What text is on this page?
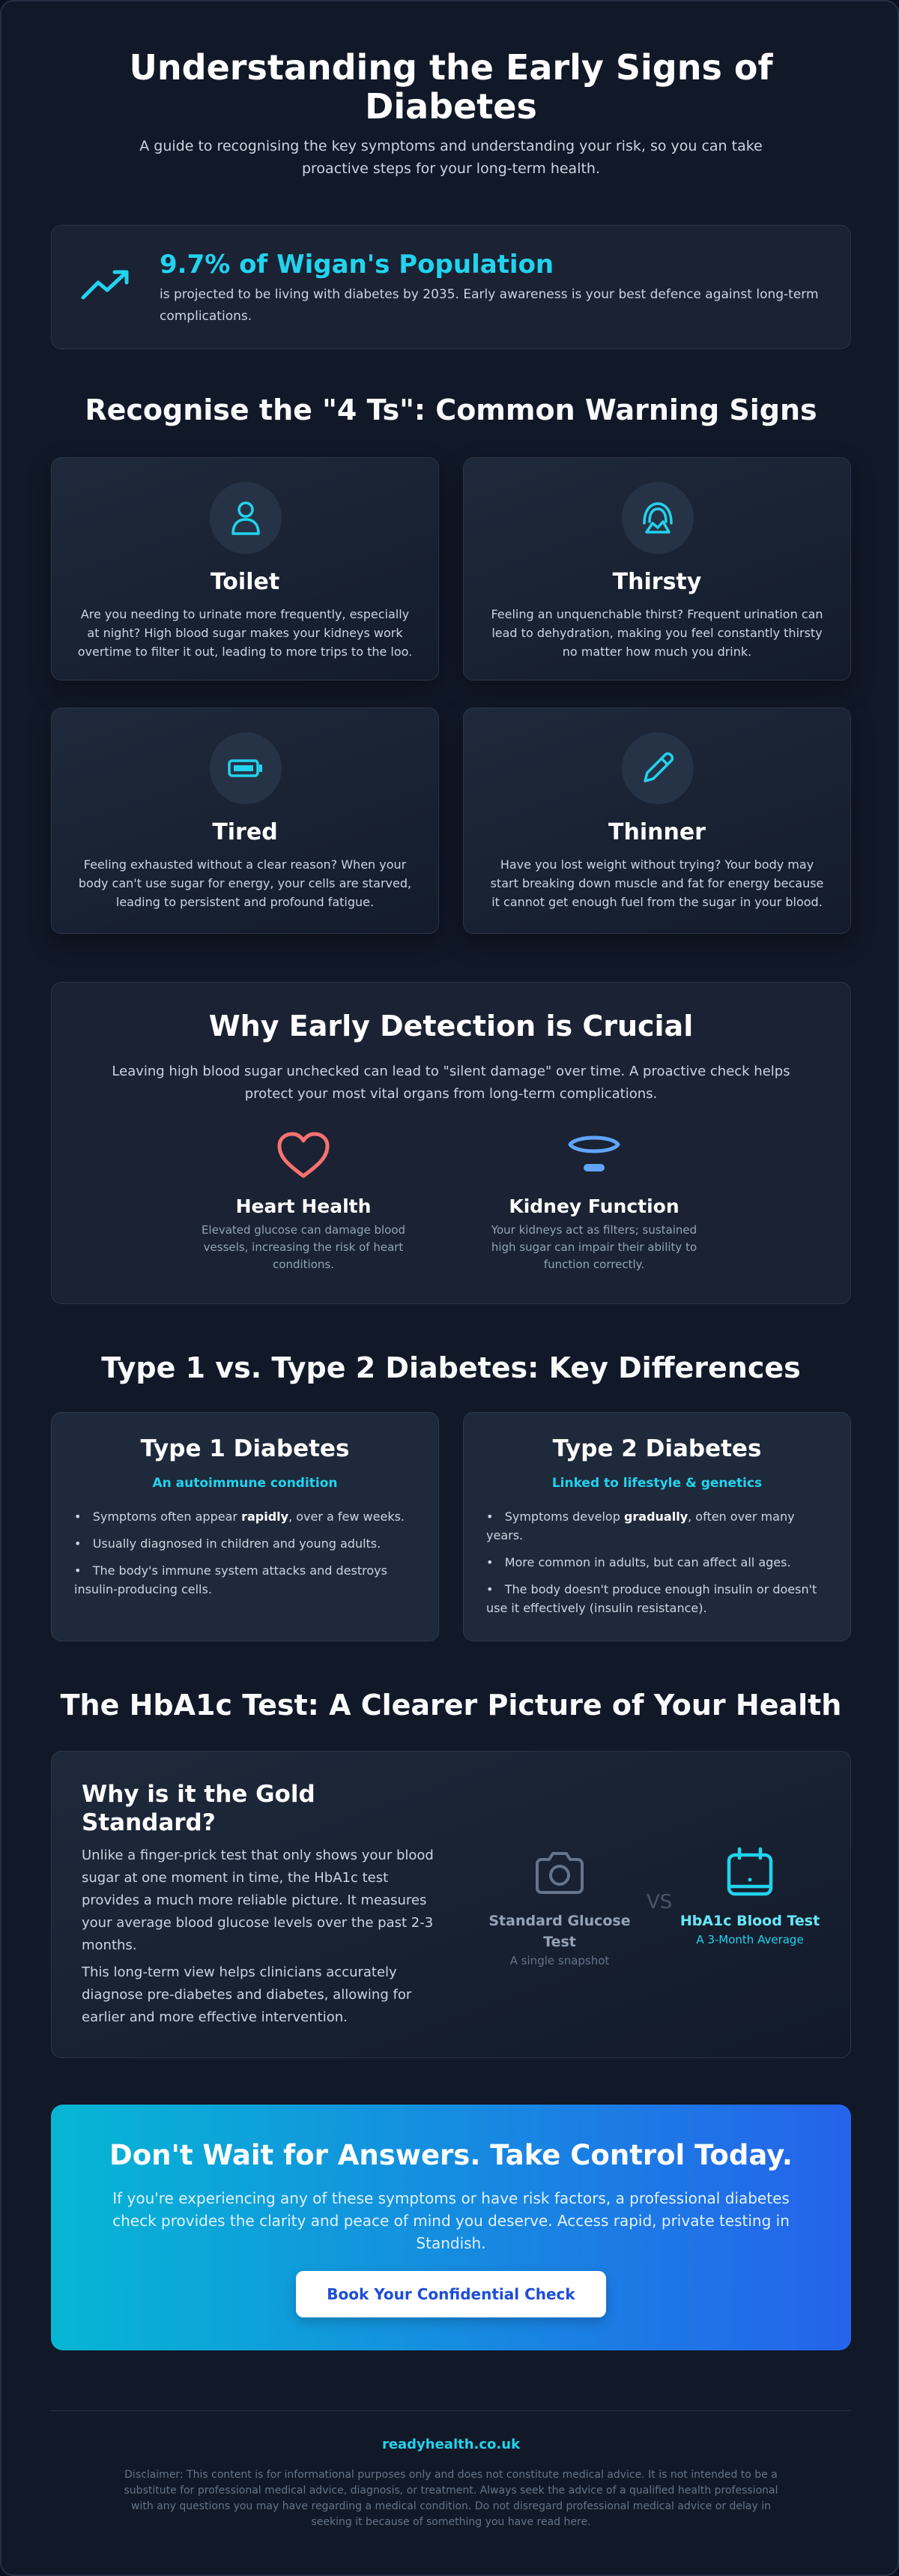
Understanding the Early Signs of Diabetes
A guide to recognising the key symptoms and understanding your risk, so you can take proactive steps for your long-term health.
9.7% of Wigan's Population
is projected to be living with diabetes by 2035. Early awareness is your best defence against long-term complications.
Recognise the "4 Ts": Common Warning Signs
Toilet
Are you needing to urinate more frequently, especially at night? High blood sugar makes your kidneys work overtime to filter it out, leading to more trips to the loo.
Thirsty
Feeling an unquenchable thirst? Frequent urination can lead to dehydration, making you feel constantly thirsty no matter how much you drink.
Tired
Feeling exhausted without a clear reason? When your body can't use sugar for energy, your cells are starved, leading to persistent and profound fatigue.
Thinner
Have you lost weight without trying? Your body may start breaking down muscle and fat for energy because it cannot get enough fuel from the sugar in your blood.
Why Early Detection is Crucial
Leaving high blood sugar unchecked can lead to "silent damage" over time. A proactive check helps protect your most vital organs from long-term complications.
Heart Health
Elevated glucose can damage blood vessels, increasing the risk of heart conditions.
Kidney Function
Your kidneys act as filters; sustained high sugar can impair their ability to function correctly.
Type 1 vs. Type 2 Diabetes: Key Differences
Type 1 Diabetes
An autoimmune condition
•   Symptoms often appear rapidly, over a few weeks.
•   Usually diagnosed in children and young adults.
•   The body's immune system attacks and destroys insulin-producing cells.
Type 2 Diabetes
Linked to lifestyle & genetics
•   Symptoms develop gradually, often over many years.
•   More common in adults, but can affect all ages.
•   The body doesn't produce enough insulin or doesn't use it effectively (insulin resistance).
The HbA1c Test: A Clearer Picture of Your Health
Why is it the Gold Standard?
Unlike a finger-prick test that only shows your blood sugar at one moment in time, the HbA1c test provides a much more reliable picture. It measures your average blood glucose levels over the past 2-3 months.
This long-term view helps clinicians accurately diagnose pre-diabetes and diabetes, allowing for earlier and more effective intervention.
Standard Glucose Test
A single snapshot
VS
HbA1c Blood Test
A 3-Month Average
Don't Wait for Answers. Take Control Today.
If you're experiencing any of these symptoms or have risk factors, a professional diabetes check provides the clarity and peace of mind you deserve. Access rapid, private testing in Standish.
Book Your Confidential Check
readyhealth.co.uk
Disclaimer: This content is for informational purposes only and does not constitute medical advice. It is not intended to be a substitute for professional medical advice, diagnosis, or treatment. Always seek the advice of a qualified health professional with any questions you may have regarding a medical condition. Do not disregard professional medical advice or delay in seeking it because of something you have read here.
